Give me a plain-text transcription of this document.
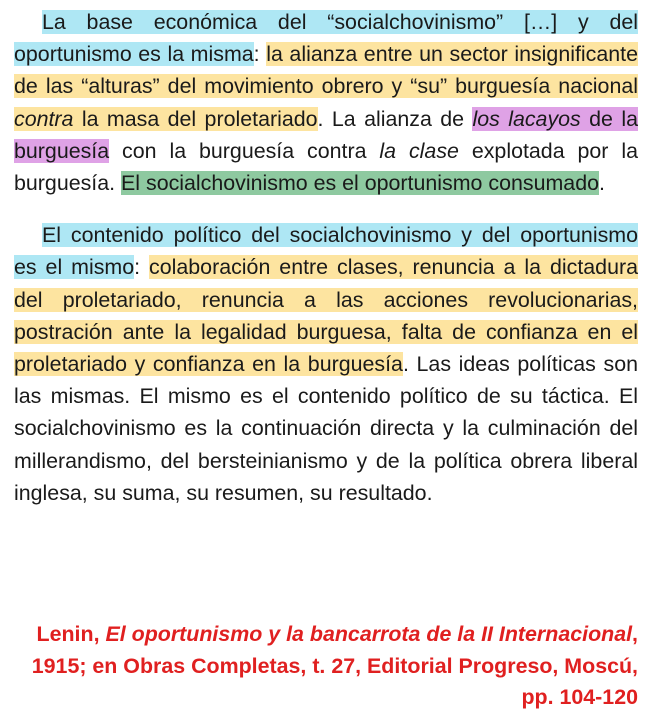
La base económica del “socialchovinismo” […] y del oportunismo es la misma: la alianza entre un sector insignificante de las “alturas” del movimiento obrero y “su” burguesía nacional contra la masa del proletariado. La alianza de los lacayos de la burguesía con la burguesía contra la clase explotada por la burguesía. El socialchovinismo es el oportunismo consumado.

El contenido político del socialchovinismo y del oportunismo es el mismo: colaboración entre clases, renuncia a la dictadura del proletariado, renuncia a las acciones revolucionarias, postración ante la legalidad burguesa, falta de confianza en el proletariado y confianza en la burguesía. Las ideas políticas son las mismas. El mismo es el contenido político de su táctica. El socialchovinismo es la continuación directa y la culminación del millerandismo, del bersteinianismo y de la política obrera liberal inglesa, su suma, su resumen, su resultado.

Lenin, El oportunismo y la bancarrota de la II Internacional, 1915; en Obras Completas, t. 27, Editorial Progreso, Moscú, pp. 104-120
